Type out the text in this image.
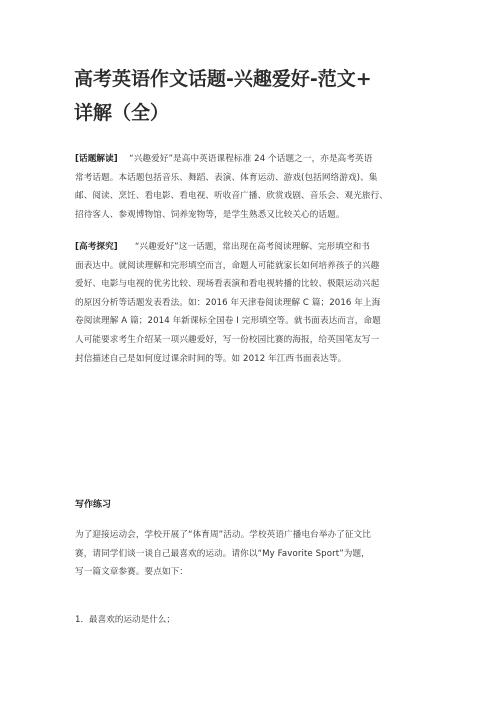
高考英语作文话题-兴趣爱好-范文+
详解（全）
[话题解读] “兴趣爱好”是高中英语课程标准 24 个话题之一，亦是高考英语
常考话题。本话题包括音乐、舞蹈、表演、体育运动、游戏(包括网络游戏)、集
邮、阅读、烹饪、看电影、看电视、听收音广播、欣赏戏剧、音乐会、观光旅行、
招待客人、参观博物馆、饲养宠物等，是学生熟悉又比较关心的话题。
[高考探究] “兴趣爱好”这一话题，常出现在高考阅读理解、完形填空和书
面表达中。就阅读理解和完形填空而言，命题人可能就家长如何培养孩子的兴趣
爱好、电影与电视的优劣比较、现场看表演和看电视转播的比较、极限运动兴起
的原因分析等话题发表看法。如：2016 年天津卷阅读理解 C 篇；2016 年上海
卷阅读理解 A 篇；2014 年新课标全国卷 I 完形填空等。就书面表达而言，命题
人可能要求考生介绍某一项兴趣爱好，写一份校园比赛的海报，给英国笔友写一
封信描述自己是如何度过课余时间的等。如 2012 年江西书面表达等。
写作练习
为了迎接运动会，学校开展了“体育周”活动。学校英语广播电台举办了征文比
赛，请同学们谈一谈自己最喜欢的运动。请你以“My Favorite Sport”为题，
写一篇文章参赛。要点如下：
1．最喜欢的运动是什么；
